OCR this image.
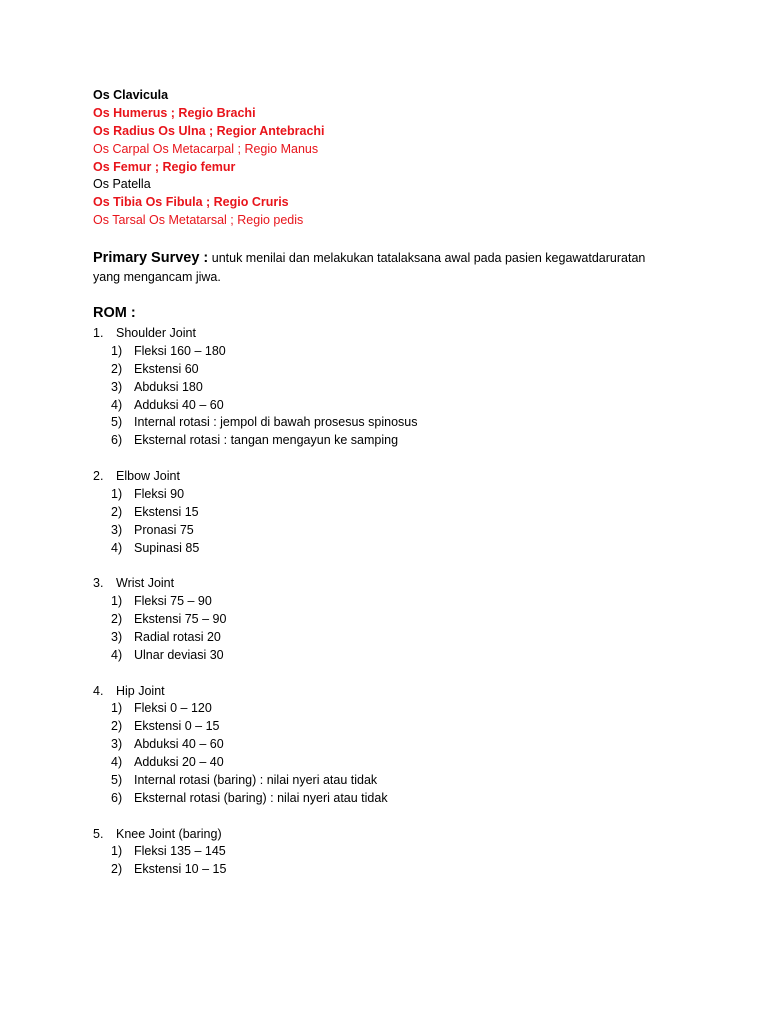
Os Clavicula
Os Humerus ; Regio Brachi
Os Radius Os Ulna ; Regior Antebrachi
Os Carpal Os Metacarpal ; Regio Manus
Os Femur ; Regio femur
Os Patella
Os Tibia Os Fibula ; Regio Cruris
Os Tarsal Os Metatarsal ; Regio pedis
Primary Survey : untuk menilai dan melakukan tatalaksana awal pada pasien kegawatdaruratan yang mengancam jiwa.
ROM :
1. Shoulder Joint
1) Fleksi 160 – 180
2) Ekstensi 60
3) Abduksi 180
4) Adduksi 40 – 60
5) Internal rotasi : jempol di bawah prosesus spinosus
6) Eksternal rotasi : tangan mengayun ke samping
2. Elbow Joint
1) Fleksi 90
2) Ekstensi 15
3) Pronasi 75
4) Supinasi 85
3. Wrist Joint
1) Fleksi 75 – 90
2) Ekstensi 75 – 90
3) Radial rotasi 20
4) Ulnar deviasi 30
4. Hip Joint
1) Fleksi 0 – 120
2) Ekstensi 0 – 15
3) Abduksi 40 – 60
4) Adduksi 20 – 40
5) Internal rotasi (baring) : nilai nyeri atau tidak
6) Eksternal rotasi (baring) : nilai nyeri atau tidak
5. Knee Joint (baring)
1) Fleksi 135 – 145
2) Ekstensi 10 – 15
